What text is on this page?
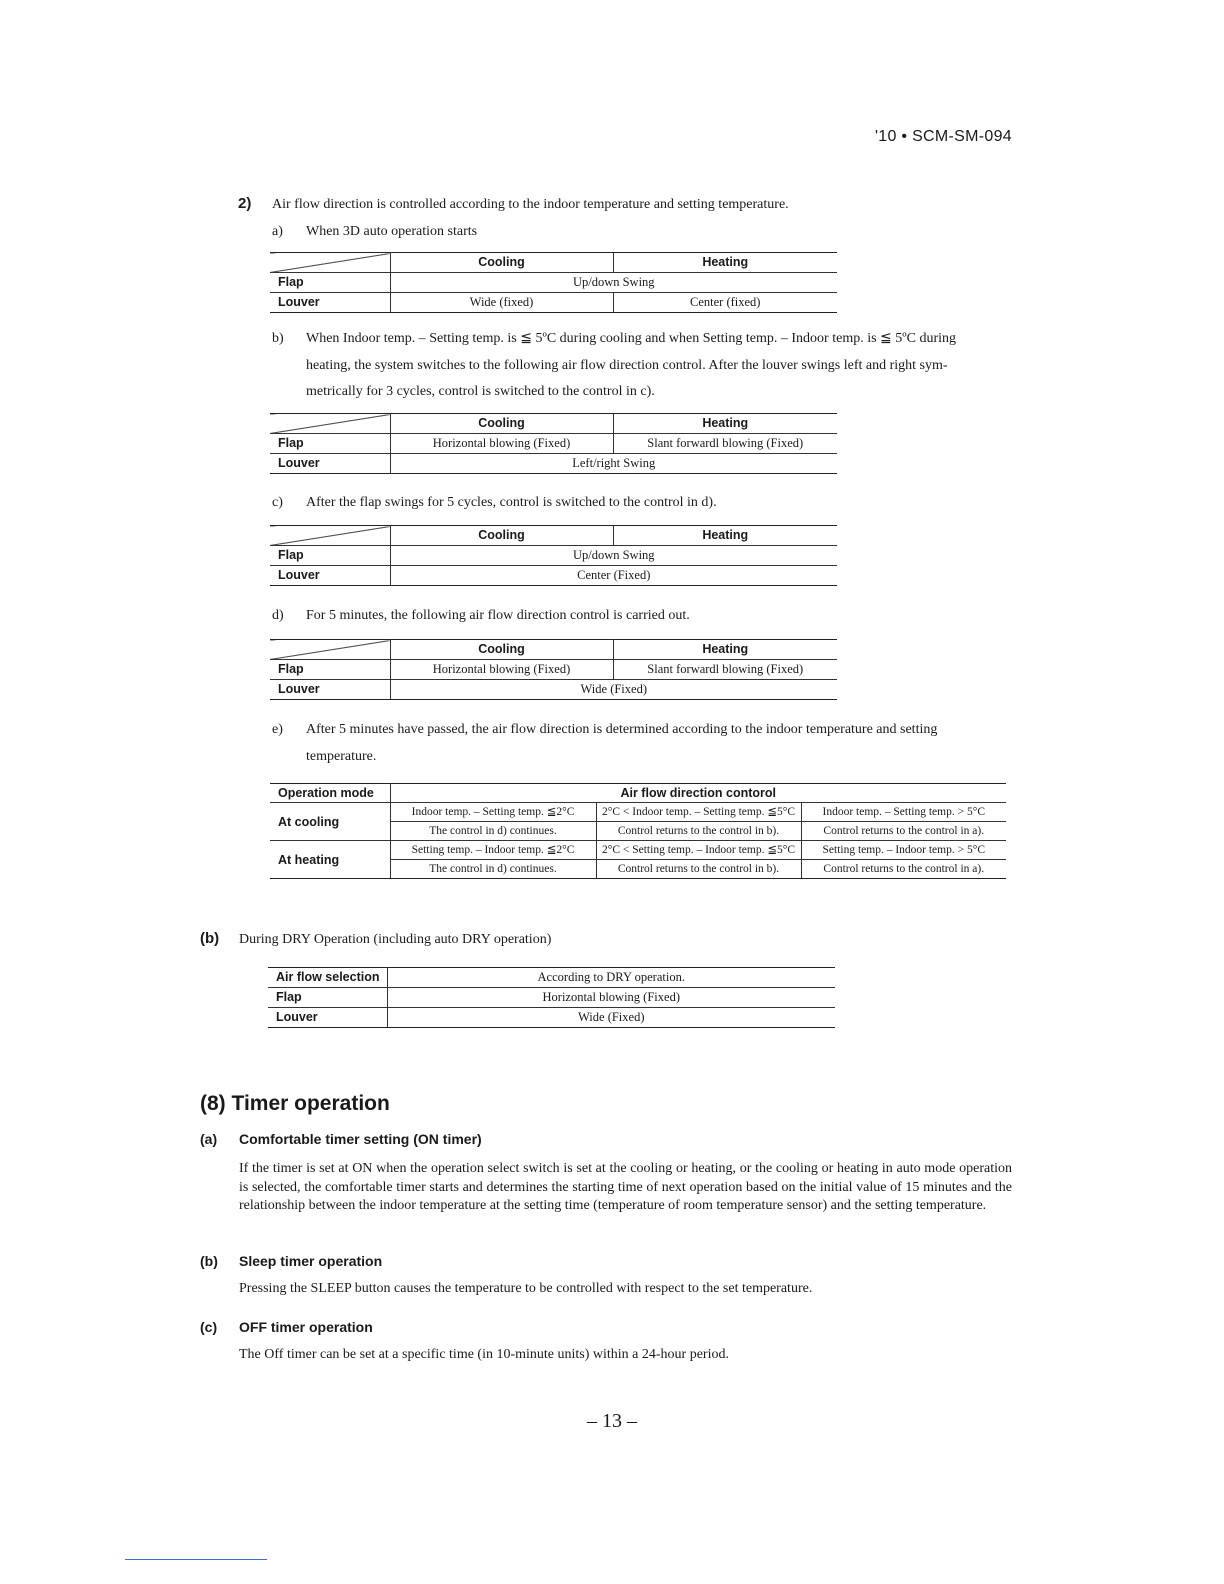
'10 • SCM-SM-094
2) Air flow direction is controlled according to the indoor temperature and setting temperature.
a) When 3D auto operation starts
	Cooling	Heating
Flap	Up/down Swing	
Louver	Wide (fixed)	Center (fixed)
b) When Indoor temp. – Setting temp. is ≦ 5ºC during cooling and when Setting temp. – Indoor temp. is ≦ 5ºC during
heating, the system switches to the following air flow direction control. After the louver swings left and right sym-
metrically for 3 cycles, control is switched to the control in c).
	Cooling	Heating
Flap	Horizontal blowing (Fixed)	Slant forwardl blowing (Fixed)
Louver	Left/right Swing	
c) After the flap swings for 5 cycles, control is switched to the control in d).
	Cooling	Heating
Flap	Up/down Swing	
Louver	Center (Fixed)	
d) For 5 minutes, the following air flow direction control is carried out.
	Cooling	Heating
Flap	Horizontal blowing (Fixed)	Slant forwardl blowing (Fixed)
Louver	Wide (Fixed)	
e) After 5 minutes have passed, the air flow direction is determined according to the indoor temperature and setting
temperature.
Operation mode	Air flow direction contorol		
At cooling	Indoor temp. – Setting temp. ≦2°C	2°C < Indoor temp. – Setting temp. ≦5°C	Indoor temp. – Setting temp. > 5°C
	The control in d) continues.	Control returns to the control in b).	Control returns to the control in a).
At heating	Setting temp. – Indoor temp. ≦2°C	2°C < Setting temp. – Indoor temp. ≦5°C	Setting temp. – Indoor temp. > 5°C
	The control in d) continues.	Control returns to the control in b).	Control returns to the control in a).
(b) During DRY Operation (including auto DRY operation)
Air flow selection	According to DRY operation.
Flap	Horizontal blowing (Fixed)
Louver	Wide (Fixed)
(8) Timer operation
(a) Comfortable timer setting (ON timer)
If the timer is set at ON when the operation select switch is set at the cooling or heating, or the cooling or heating in auto mode operation is selected, the comfortable timer starts and determines the starting time of next operation based on the initial value of 15 minutes and the relationship between the indoor temperature at the setting time (temperature of room temperature sensor) and the setting temperature.
(b) Sleep timer operation
Pressing the SLEEP button causes the temperature to be controlled with respect to the set temperature.
(c) OFF timer operation
The Off timer can be set at a specific time (in 10-minute units) within a 24-hour period.
– 13 –
